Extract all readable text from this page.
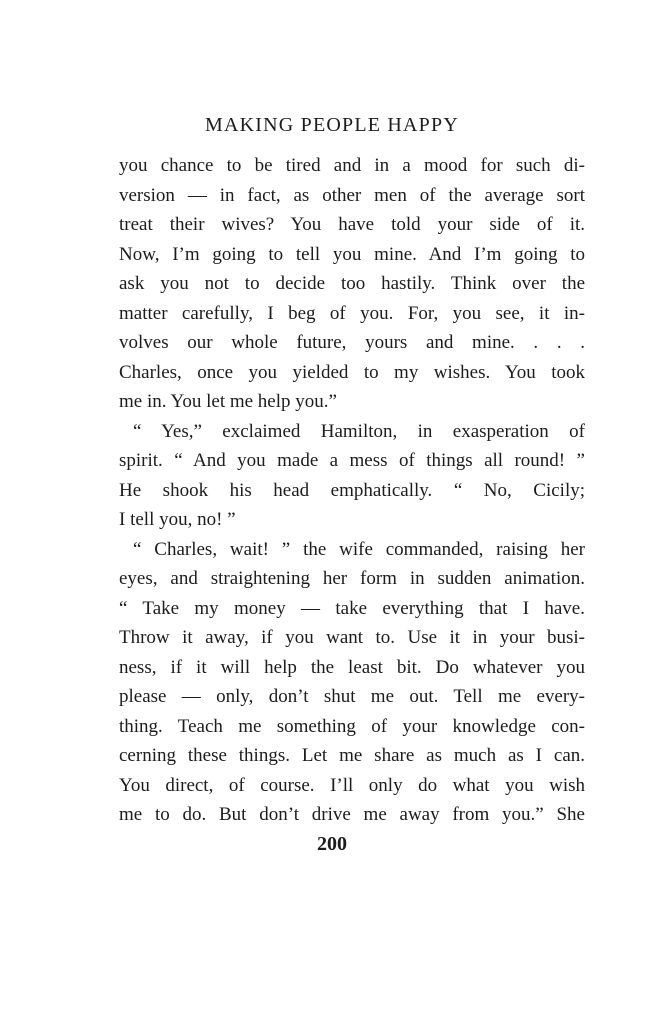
MAKING PEOPLE HAPPY
you chance to be tired and in a mood for such di-
version — in fact, as other men of the average sort
treat their wives? You have told your side of it.
Now, I’m going to tell you mine. And I’m going to
ask you not to decide too hastily. Think over the
matter carefully, I beg of you. For, you see, it in-
volves our whole future, yours and mine. . . .
Charles, once you yielded to my wishes. You took
me in. You let me help you.”
“ Yes,” exclaimed Hamilton, in exasperation of
spirit. “ And you made a mess of things all round! ”
He shook his head emphatically. “ No, Cicily;
I tell you, no! ”
“ Charles, wait! ” the wife commanded, raising her
eyes, and straightening her form in sudden animation.
“ Take my money — take everything that I have.
Throw it away, if you want to. Use it in your busi-
ness, if it will help the least bit. Do whatever you
please — only, don’t shut me out. Tell me every-
thing. Teach me something of your knowledge con-
cerning these things. Let me share as much as I can.
You direct, of course. I’ll only do what you wish
me to do. But don’t drive me away from you.” She
200
